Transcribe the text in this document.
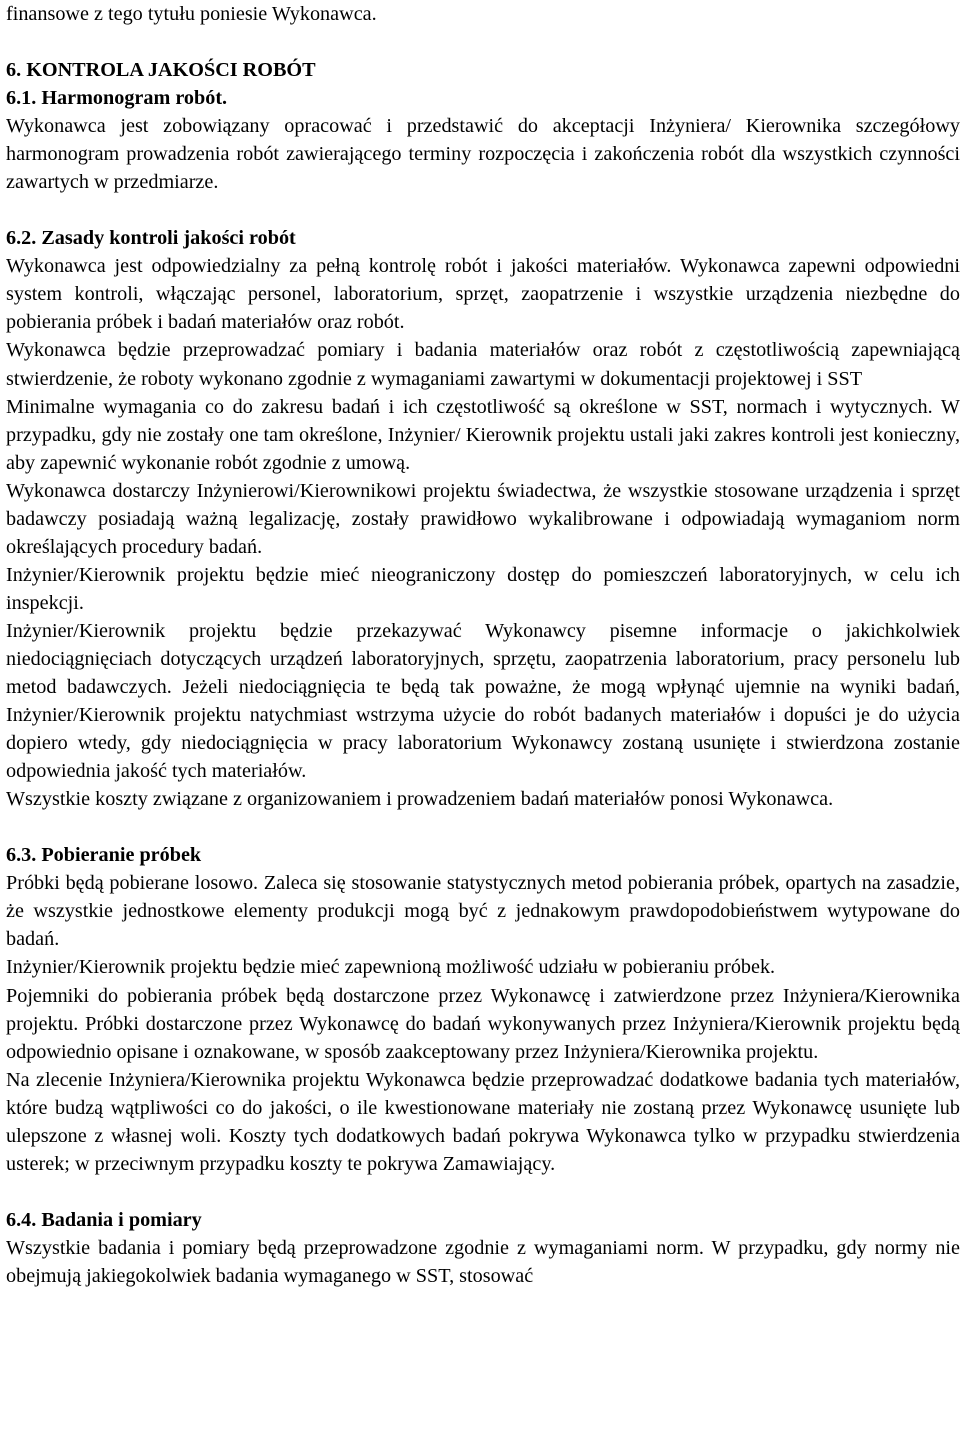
finansowe z tego tytułu poniesie Wykonawca.

6. KONTROLA JAKOŚCI ROBÓT

6.1. Harmonogram robót.

Wykonawca jest zobowiązany opracować i przedstawić do akceptacji Inżyniera/ Kierownika szczegółowy harmonogram prowadzenia robót zawierającego terminy rozpoczęcia i zakończenia robót dla wszystkich czynności zawartych w przedmiarze.

6.2. Zasady kontroli jakości robót

Wykonawca jest odpowiedzialny za pełną kontrolę robót i jakości materiałów. Wykonawca zapewni odpowiedni system kontroli, włączając personel, laboratorium, sprzęt, zaopatrzenie i wszystkie urządzenia niezbędne do pobierania próbek i badań materiałów oraz robót.

Wykonawca będzie przeprowadzać pomiary i badania materiałów oraz robót z częstotliwością zapewniającą stwierdzenie, że roboty wykonano zgodnie z wymaganiami zawartymi w dokumentacji projektowej i SST

Minimalne wymagania co do zakresu badań i ich częstotliwość są określone w SST, normach i wytycznych. W przypadku, gdy nie zostały one tam określone, Inżynier/ Kierownik projektu ustali jaki zakres kontroli jest konieczny, aby zapewnić wykonanie robót zgodnie z umową.

Wykonawca dostarczy Inżynierowi/Kierownikowi projektu świadectwa, że wszystkie stosowane urządzenia i sprzęt badawczy posiadają ważną legalizację, zostały prawidłowo wykalibrowane i odpowiadają wymaganiom norm określających procedury badań.

Inżynier/Kierownik projektu będzie mieć nieograniczony dostęp do pomieszczeń laboratoryjnych, w celu ich inspekcji.

Inżynier/Kierownik projektu będzie przekazywać Wykonawcy pisemne informacje o jakichkolwiek niedociągnięciach dotyczących urządzeń laboratoryjnych, sprzętu, zaopatrzenia laboratorium, pracy personelu lub metod badawczych. Jeżeli niedociągnięcia te będą tak poważne, że mogą wpłynąć ujemnie na wyniki badań, Inżynier/Kierownik projektu natychmiast wstrzyma użycie do robót badanych materiałów i dopuści je do użycia dopiero wtedy, gdy niedociągnięcia w pracy laboratorium Wykonawcy zostaną usunięte i stwierdzona zostanie odpowiednia jakość tych materiałów.

Wszystkie koszty związane z organizowaniem i prowadzeniem badań materiałów ponosi Wykonawca.

6.3. Pobieranie próbek

Próbki będą pobierane losowo. Zaleca się stosowanie statystycznych metod pobierania próbek, opartych na zasadzie, że wszystkie jednostkowe elementy produkcji mogą być z jednakowym prawdopodobieństwem wytypowane do badań.

Inżynier/Kierownik projektu będzie mieć zapewnioną możliwość udziału w pobieraniu próbek.

Pojemniki do pobierania próbek będą dostarczone przez Wykonawcę i zatwierdzone przez Inżyniera/Kierownika projektu. Próbki dostarczone przez Wykonawcę do badań wykonywanych przez Inżyniera/Kierownik projektu będą odpowiednio opisane i oznakowane, w sposób zaakceptowany przez Inżyniera/Kierownika projektu.

Na zlecenie Inżyniera/Kierownika projektu Wykonawca będzie przeprowadzać dodatkowe badania tych materiałów, które budzą wątpliwości co do jakości, o ile kwestionowane materiały nie zostaną przez Wykonawcę usunięte lub ulepszone z własnej woli. Koszty tych dodatkowych badań pokrywa Wykonawca tylko w przypadku stwierdzenia usterek; w przeciwnym przypadku koszty te pokrywa Zamawiający.

6.4. Badania i pomiary

Wszystkie badania i pomiary będą przeprowadzone zgodnie z wymaganiami norm. W przypadku, gdy normy nie obejmują jakiegokolwiek badania wymaganego w SST, stosować
